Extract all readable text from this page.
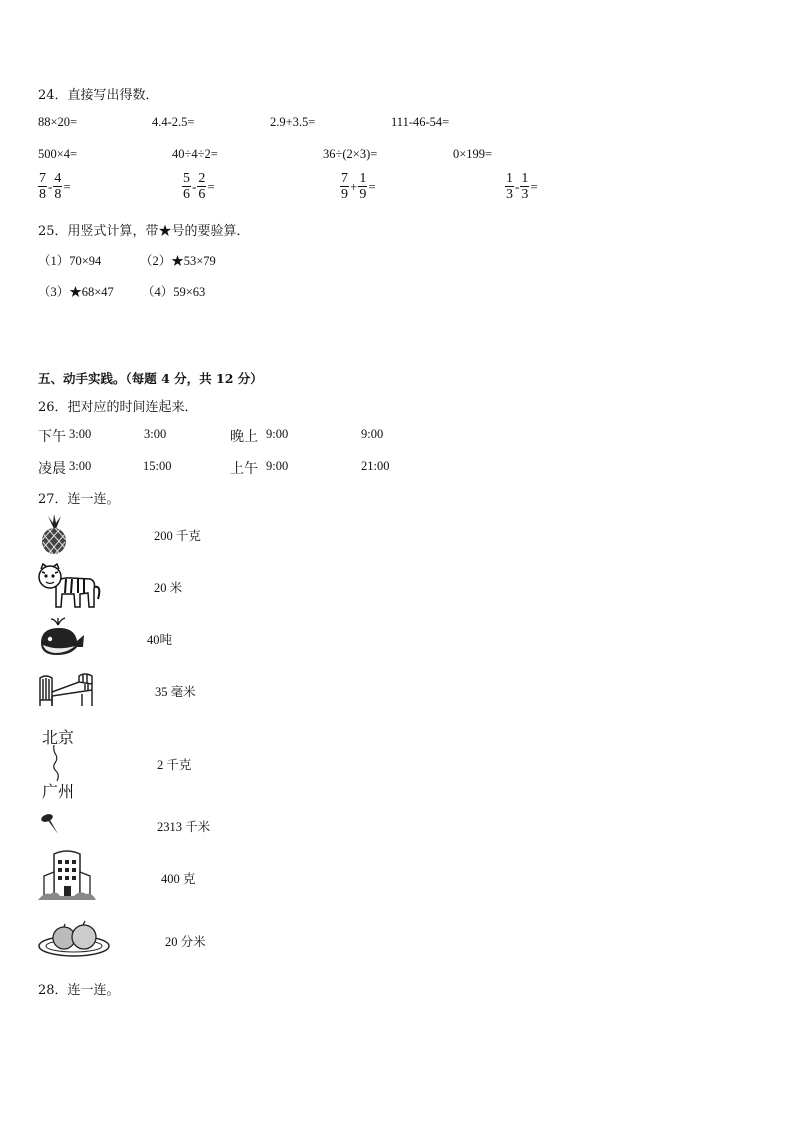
24．直接写出得数．
88×20=	4.4-2.5=	2.9+3.5=	111-46-54=
500×4=	40÷4÷2=	36÷(2×3)=	0×199=
$\frac{7}{8} - \frac{4}{8}$ =	$\frac{5}{6} - \frac{2}{6}$ =	$\frac{7}{9} + \frac{1}{9}$ =	$\frac{1}{3} - \frac{1}{3}$ =
25．用竖式计算，带★号的要验算．
（1）70×94	（2）★53×79
（3）★68×47 （4）59×63
五、动手实践。（每题 4 分，共 12 分）
26．把对应的时间连起来．
下午 3:00	3:00	晚上 9:00	9:00
凌晨 3:00	15:00	上午 9:00	21:00
27．连一连。
200 千克
20 米
40吨
35 毫米
北京
广州
2 千克
2313 千米
400 克
20 分米
28．连一连。
